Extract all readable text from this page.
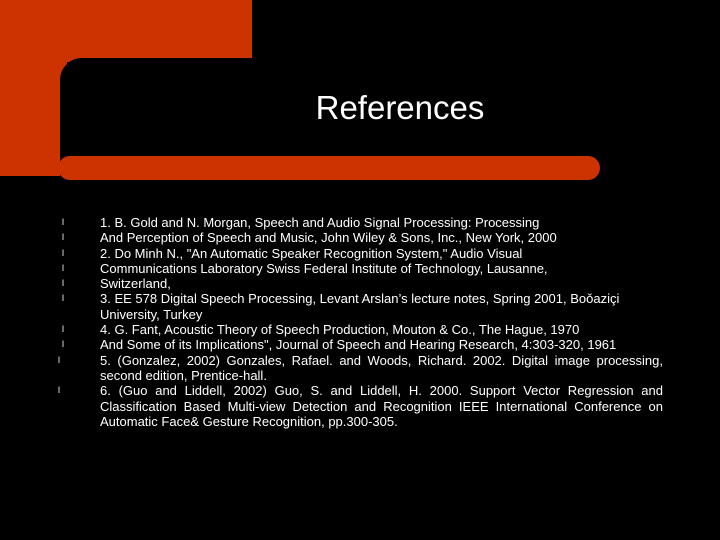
References
l	1. B. Gold and N. Morgan, Speech and Audio Signal Processing: Processing
l	And Perception of Speech and Music, John Wiley & Sons, Inc., New York, 2000
l	2. Do Minh N., "An Automatic Speaker Recognition System," Audio Visual
l	Communications Laboratory Swiss Federal Institute of Technology, Lausanne,
l	Switzerland,
l	3. EE 578 Digital Speech Processing, Levant Arslan’s lecture notes, Spring 2001, Boǒaziçi University, Turkey
l	4. G. Fant, Acoustic Theory of Speech Production, Mouton & Co., The Hague, 1970
l	And Some of its Implications", Journal of Speech and Hearing Research, 4:303-320, 1961
l	5. (Gonzalez, 2002) Gonzales, Rafael. and Woods, Richard. 2002. Digital image processing, second edition, Prentice-hall.
l	6. (Guo and Liddell, 2002) Guo, S. and Liddell, H. 2000. Support Vector Regression and Classification Based Multi-view Detection and Recognition IEEE International Conference on Automatic Face& Gesture Recognition, pp.300-305.
